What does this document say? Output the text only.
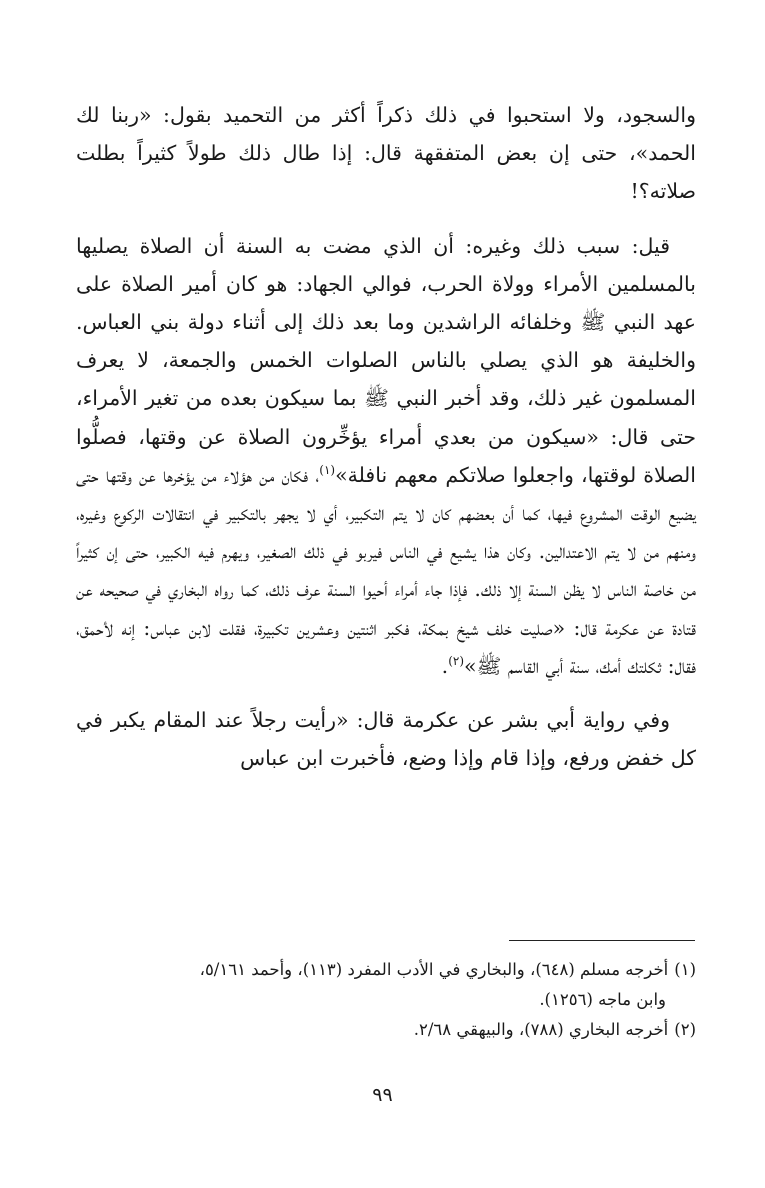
والسجود، ولا استحبوا في ذلك ذكراً أكثر من التحميد بقول: «ربنا لك الحمد»، حتى إن بعض المتفقهة قال: إذا طال ذلك طولاً كثيراً بطلت صلاته؟!

قيل: سبب ذلك وغيره: أن الذي مضت به السنة أن الصلاة يصليها بالمسلمين الأمراء وولاة الحرب، فوالي الجهاد: هو كان أمير الصلاة على عهد النبي ﷺ وخلفائه الراشدين وما بعد ذلك إلى أثناء دولة بني العباس. والخليفة هو الذي يصلي بالناس الصلوات الخمس والجمعة، لا يعرف المسلمون غير ذلك، وقد أخبر النبي ﷺ بما سيكون بعده من تغير الأمراء، حتى قال: «سيكون من بعدي أمراء يؤخِّرون الصلاة عن وقتها، فصلُّوا الصلاة لوقتها، واجعلوا صلاتكم معهم نافلة»$^{(١)}$، فكان من هؤلاء من يؤخرها عن وقتها حتى يضيع الوقت المشروع فيها، كما أن بعضهم كان لا يتم التكبير، أي لا يجهر بالتكبير في انتقالات الركوع وغيره، ومنهم من لا يتم الاعتدالين. وكان هذا يشيع في الناس فيربو في ذلك الصغير، ويهرم فيه الكبير، حتى إن كثيراً من خاصة الناس لا يظن السنة إلا ذلك. فإذا جاء أمراء أحيوا السنة عرف ذلك، كما رواه البخاري في صحيحه عن قتادة عن عكرمة قال: «صليت خلف شيخ بمكة، فكبر اثنتين وعشرين تكبيرة، فقلت لابن عباس: إنه لأحمق، فقال: ثكلتك أمك، سنة أبي القاسم ﷺ»$^{(٢)}$.

وفي رواية أبي بشر عن عكرمة قال: «رأيت رجلاً عند المقام يكبر في كل خفض ورفع، وإذا قام وإذا وضع، فأخبرت ابن عباس

(١)أخرجه مسلم (٦٤٨)، والبخاري في الأدب المفرد (١١٣)، وأحمد ٥/١٦١،
وابن ماجه (١٢٥٦).

(٢)أخرجه البخاري (٧٨٨)، والبيهقي ٢/٦٨.

٩٩
